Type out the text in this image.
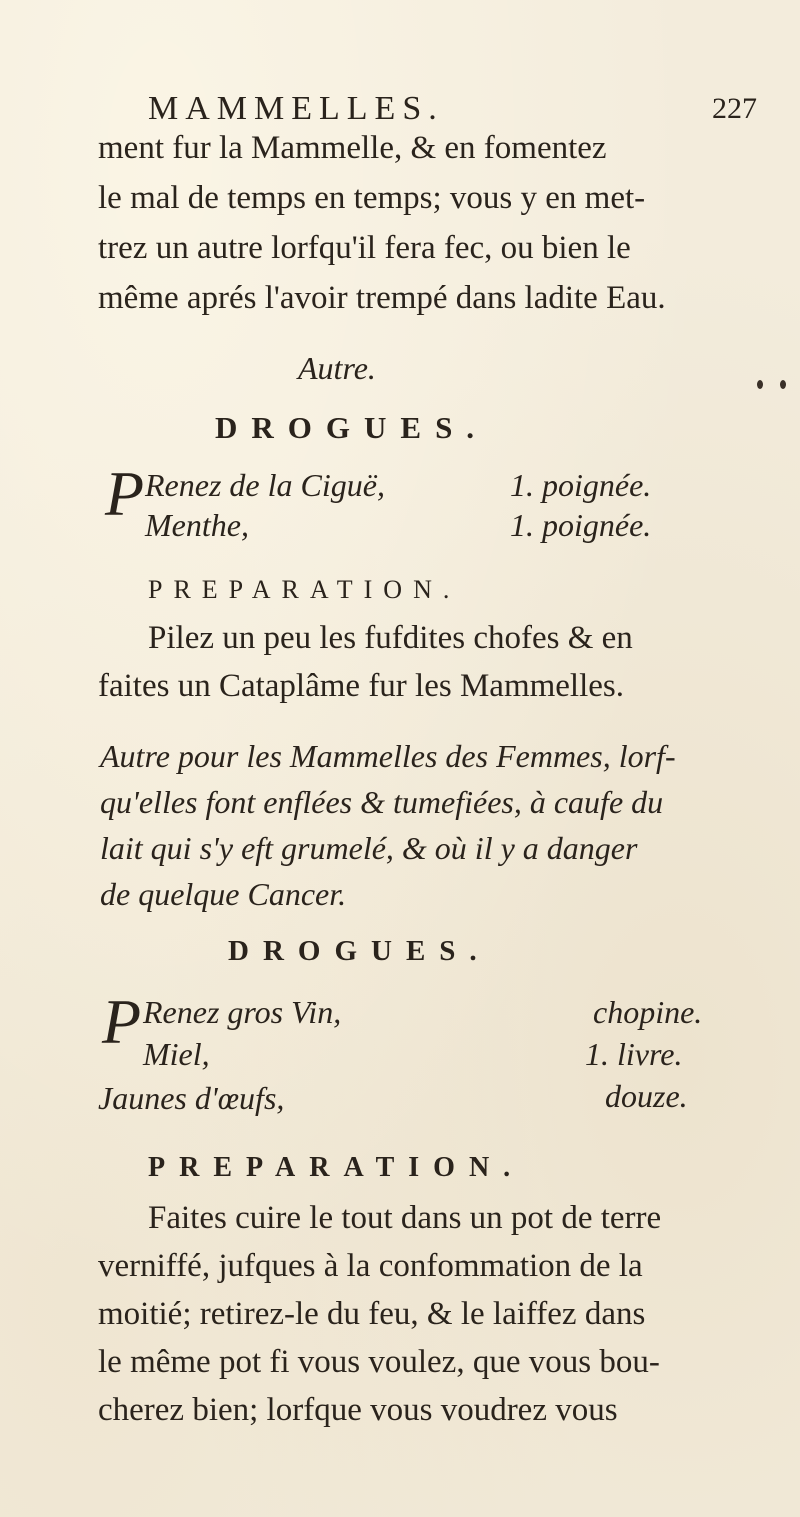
MAMMELLES.	227
ment fur la Mammelle, & en fomentez
le mal de temps en temps; vous y en met-
trez un autre lorfqu'il fera fec, ou bien le
même aprés l'avoir trempé dans ladite Eau.
Autre.
DROGUES.
P Renez de la Ciguë,	1. poignée.
Menthe,	1. poignée.
PREPARATION.
Pilez un peu les fufdites chofes & en
faites un Cataplâme fur les Mammelles.
Autre pour les Mammelles des Femmes, lorf-
qu'elles font enflées & tumefiées, à caufe du
lait qui s'y eft grumelé, & où il y a danger
de quelque Cancer.
DROGUES.
P Renez gros Vin,	chopine.
Miel,	1. livre.
Jaunes d'œufs,	douze.
PREPARATION.
Faites cuire le tout dans un pot de terre
verniffé, jufques à la confommation de la
moitié; retirez-le du feu, & le laiffez dans
le même pot fi vous voulez, que vous bou-
cherez bien; lorfque vous voudrez vous
